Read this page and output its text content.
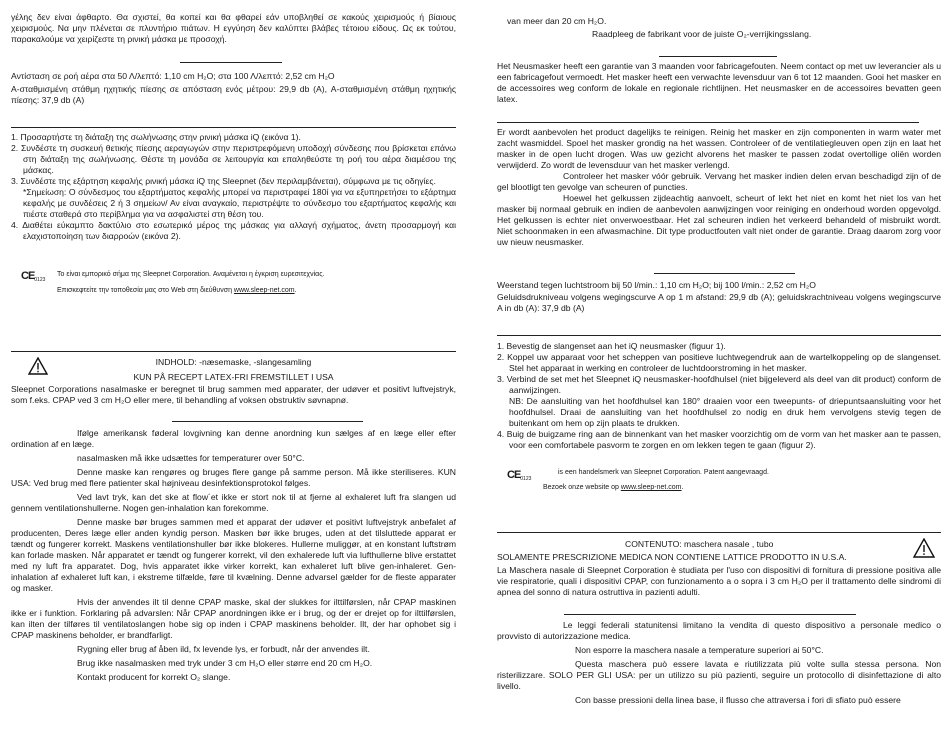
γέλης δεν είναι άφθαρτο. Θα σχιστεί, θα κοπεί και θα φθαρεί εάν υποβληθεί σε κακούς χειρισμούς ή βίαιους χειρισμούς. Να μην πλένεται σε πλυντήριο πιάτων. Η εγγύηση δεν καλύπτει βλάβες τέτοιου είδους. Ως εκ τούτου, παρακαλούμε να χειρίζεστε τη ρινική μάσκα με προσοχή.

Αντίσταση σε ροή αέρα στα 50 Λ/λεπτό: 1,10 cm H₂O; στα 100 Λ/λεπτό: 2,52 cm H₂O

Α-σταθμισμένη στάθμη ηχητικής πίεσης σε απόσταση ενός μέτρου: 29,9 db (A), Α-σταθμισμένη στάθμη ηχητικής πίεσης: 37,9 db (A)

1. Προσαρτήστε τη διάταξη της σωλήνωσης στην ρινική μάσκα iQ (εικόνα 1).

2. Συνδέστε τη συσκευή θετικής πίεσης αεραγωγών στην περιστρεφόμενη υποδοχή σύνδεσης που βρίσκεται επάνω στη διάταξη της σωλήνωσης. Θέστε τη μονάδα σε λειτουργία και επαληθεύστε τη ροή του αέρα διαμέσου της μάσκας.

3. Συνδέστε της εξάρτηση κεφαλής ρινική μάσκα iQ της Sleepnet (δεν περιλαμβάνεται), σύμφωνα με τις οδηγίες.

*Σημείωση: Ο σύνδεσμος του εξαρτήματος κεφαλής μπορεί να περιστραφεί 180ί για να εξυπηρετήσει το εξάρτημα κεφαλής με συνδέσεις 2 ή 3 σημείων/ Αν είναι αναγκαίο, περιστρέψτε το σύνδεσμο του εξαρτήματος κεφαλής και πιέστε σταθερά στο περίβλημα για να ασφαλιστεί στη θέση του.

4. Διαθέτει εύκαμπτο δακτύλιο στο εσωτερικό μέρος της μάσκας για αλλαγή σχήματος, άνετη προσαρμογή και ελαχιστοποίηση των διαρροών (εικόνα 2).

$CE_{0123}$

To είναι εμπορικό σήμα της Sleepnet Corporation. Αναμένεται η έγκριση ευρεσιτεχνίας.

Επισκεφτείτε την τοποθεσία μας στο Web στη διεύθυνση www.sleep-net.com.

INDHOLD: -næsemaske, -slangesamling

KUN PÅ RECEPT LATEX-FRI FREMSTILLET I USA

Sleepnet Corporations nasalmaske er beregnet til brug sammen med apparater, der udøver et positivt luftvejstryk, som f.eks. CPAP ved 3 cm H₂O eller mere, til behandling af voksen obstruktiv søvnapnø.

Ifølge amerikansk føderal lovgivning kan denne anordning kun sælges af en læge eller efter ordination af en læge.

nasalmasken må ikke udsættes for temperaturer over 50°C.

Denne maske kan rengøres og bruges flere gange på samme person. Må ikke steriliseres. KUN USA: Ved brug med flere patienter skal højniveau desinfektionsprotokol følges.

Ved lavt tryk, kan det ske at flow´et ikke er stort nok til at fjerne al exhaleret luft fra slangen ud gennem ventilationshullerne. Nogen gen-inhalation kan forekomme.

Denne maske bør bruges sammen med et apparat der udøver et positivt luftvejstryk anbefalet af producenten, Deres læge eller anden kyndig person. Masken bør ikke bruges, uden at det tilsluttede apparat er tændt og fungerer korrekt. Maskens ventilationshuller bør ikke blokeres. Hullerne muliggør, at en konstant luftstrøm kan forlade masken. Når apparatet er tændt og fungerer korrekt, vil den exhalerede luft via lufthullerne blive erstattet med ny luft fra apparatet. Dog, hvis apparatet ikke virker korrekt, kan exhaleret luft blive gen-inhaleret. Gen-inhalation af exhaleret luft kan, i ekstreme tilfælde, føre til kvælning. Denne advarsel gælder for de fleste apparater og masker.

Hvis der anvendes ilt til denne CPAP maske, skal der slukkes for ilttilførslen, når CPAP maskinen ikke er i funktion. Forklaring på advarslen: Når CPAP anordningen ikke er i brug, og der er drejet op for ilttilførslen, kan ilten der tilføres til ventilatoslangen hobe sig op inden i CPAP maskinens beholder. Ilt, der har ophobet sig i CPAP maskinens beholder, er brandfarligt.

Rygning eller brug af åben ild, fx levende lys, er forbudt, når der anvendes ilt.

Brug ikke nasalmasken med tryk under 3 cm H₂O eller større end 20 cm H₂O.

Kontakt producent for korrekt O₂ slange.

van meer dan 20 cm H₂O.

Raadpleeg de fabrikant voor de juiste O₂-verrijkingsslang.

Het Neusmasker heeft een garantie van 3 maanden voor fabricagefouten. Neem contact op met uw leverancier als u een fabricagefout vermoedt. Het masker heeft een verwachte levensduur van 6 tot 12 maanden. Gooi het masker en de accessoires weg conform de lokale en regionale richtlijnen. Het neusmasker en de accessoires bevatten geen latex.

Er wordt aanbevolen het product dagelijks te reinigen. Reinig het masker en zijn componenten in warm water met zacht wasmiddel. Spoel het masker grondig na het wassen. Controleer of de ventilatiegleuven open zijn en laat het masker in de open lucht drogen. Was uw gezicht alvorens het masker te passen zodat overtollige oliën worden verwijderd. Zo wordt de levensduur van het masker verlengd.

Controleer het masker vóór gebruik. Vervang het masker indien delen ervan beschadigd zijn of de gel blootligt ten gevolge van scheuren of puncties.

Hoewel het gelkussen zijdeachtig aanvoelt, scheurt of lekt het niet en komt het niet los van het masker bij normaal gebruik en indien de aanbevolen aanwijzingen voor reiniging en onderhoud worden opgevolgd. Het gelkussen is echter niet onverwoestbaar. Het zal scheuren indien het verkeerd behandeld of misbruikt wordt. Niet schoonmaken in een afwasmachine. Dit type productfouten valt niet onder de garantie. Draag daarom zorg voor uw nieuw neusmasker.

Weerstand tegen luchtstroom bij 50 l/min.: 1,10 cm H₂O; bij 100 l/min.: 2,52 cm H₂O

Geluidsdrukniveau volgens wegingscurve A op 1 m afstand: 29,9 db (A); geluidskrachtniveau volgens wegingscurve A in db (A): 37,9 db (A)

1. Bevestig de slangenset aan het iQ neusmasker (figuur 1).

2. Koppel uw apparaat voor het scheppen van positieve luchtwegendruk aan de wartelkoppeling op de slangenset. Stel het apparaat in werking en controleer de luchtdoorstroming in het masker.

3. Verbind de set met het Sleepnet iQ neusmasker-hoofdhulsel (niet bijgeleverd als deel van dit product) conform de aanwijzingen.

NB: De aansluiting van het hoofdhulsel kan 180° draaien voor een tweepunts- of driepuntsaansluiting voor het hoofdhulsel. Draai de aansluiting van het hoofdhulsel zo nodig en druk hem vervolgens stevig tegen de buitenkant om hem op zijn plaats te drukken.

4. Buig de buigzame ring aan de binnenkant van het masker voorzichtig om de vorm van het masker aan te passen, voor een comfortabele pasvorm te zorgen en om lekken tegen te gaan (figuur 2).

$CE_{0123}$

is een handelsmerk van Sleepnet Corporation. Patent aangevraagd.

Bezoek onze website op www.sleep-net.com.

CONTENUTO: maschera nasale , tubo

SOLAMENTE PRESCRIZIONE MEDICA NON CONTIENE LATTICE PRODOTTO IN U.S.A.

La Maschera nasale di Sleepnet Corporation è studiata per l'uso con dispositivi di fornitura di pressione positiva alle vie respiratorie, quali i dispositivi CPAP, con funzionamento a o sopra i 3 cm H₂O per il trattamento delle sindromi di apnea del sonno di natura ostruttiva in pazienti adulti.

Le leggi federali statunitensi limitano la vendita di questo dispositivo a personale medico o provvisto di autorizzazione medica.

Non esporre la maschera nasale a temperature superiori ai 50°C.

Questa maschera può essere lavata e riutilizzata più volte sulla stessa persona. Non risterilizzare. SOLO PER GLI USA: per un utilizzo su più pazienti, seguire un protocollo di disinfettazione di alto livello.

Con basse pressioni della linea base, il flusso che attraversa i fori di sfiato può essere
